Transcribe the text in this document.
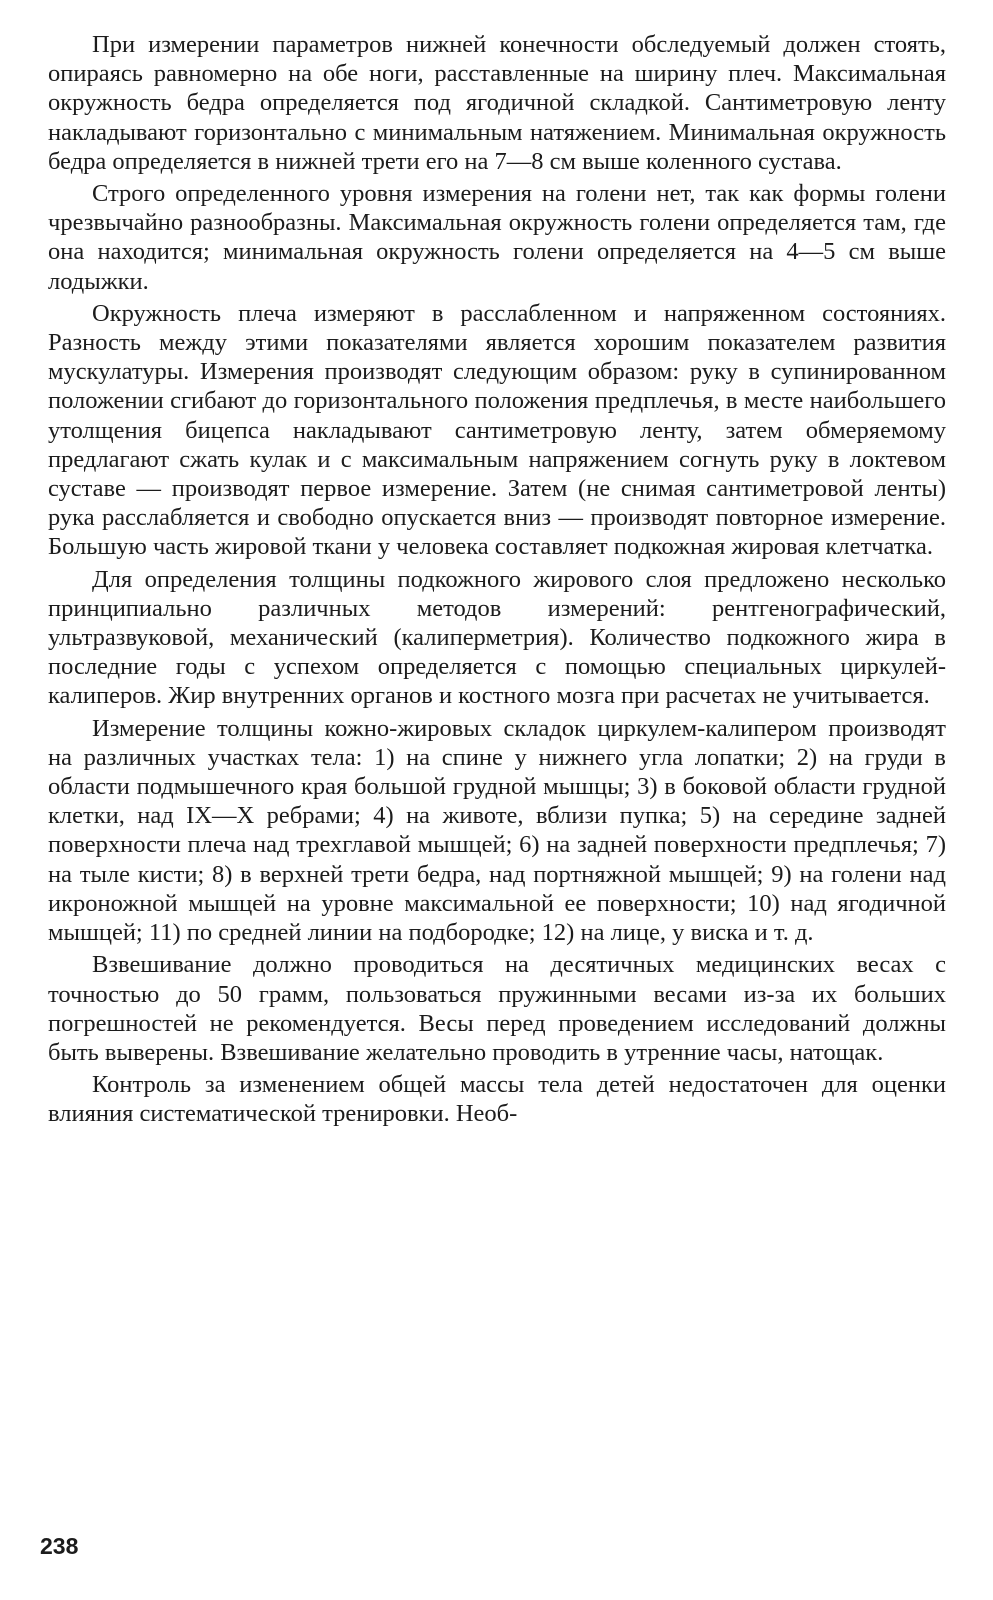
При измерении параметров нижней конечности обследуемый должен стоять, опираясь равномерно на обе ноги, расставленные на ширину плеч. Максимальная окружность бедра определяется под ягодичной складкой. Сантиметровую ленту накладывают горизонтально с минимальным натяжением. Минимальная окружность бедра определяется в нижней трети его на 7—8 см выше коленного сустава.

Строго определенного уровня измерения на голени нет, так как формы голени чрезвычайно разнообразны. Максимальная окружность голени определяется там, где она находится; минимальная окружность голени определяется на 4—5 см выше лодыжки.

Окружность плеча измеряют в расслабленном и напряженном состояниях. Разность между этими показателями является хорошим показателем развития мускулатуры. Измерения производят следующим образом: руку в супинированном положении сгибают до горизонтального положения предплечья, в месте наибольшего утолщения бицепса накладывают сантиметровую ленту, затем обмеряемому предлагают сжать кулак и с максимальным напряжением согнуть руку в локтевом суставе — производят первое измерение. Затем (не снимая сантиметровой ленты) рука расслабляется и свободно опускается вниз — производят повторное измерение. Большую часть жировой ткани у человека составляет подкожная жировая клетчатка.

Для определения толщины подкожного жирового слоя предложено несколько принципиально различных методов измерений: рентгенографический, ультразвуковой, механический (калиперметрия). Количество подкожного жира в последние годы с успехом определяется с помощью специальных циркулей-калиперов. Жир внутренних органов и костного мозга при расчетах не учитывается.

Измерение толщины кожно-жировых складок циркулем-калипером производят на различных участках тела: 1) на спине у нижнего угла лопатки; 2) на груди в области подмышечного края большой грудной мышцы; 3) в боковой области грудной клетки, над IX—X ребрами; 4) на животе, вблизи пупка; 5) на середине задней поверхности плеча над трехглавой мышцей; 6) на задней поверхности предплечья; 7) на тыле кисти; 8) в верхней трети бедра, над портняжной мышцей; 9) на голени над икроножной мышцей на уровне максимальной ее поверхности; 10) над ягодичной мышцей; 11) по средней линии на подбородке; 12) на лице, у виска и т. д.

Взвешивание должно проводиться на десятичных медицинских весах с точностью до 50 грамм, пользоваться пружинными весами из-за их больших погрешностей не рекомендуется. Весы перед проведением исследований должны быть выверены. Взвешивание желательно проводить в утренние часы, натощак.

Контроль за изменением общей массы тела детей недостаточен для оценки влияния систематической тренировки. Необ-

238
